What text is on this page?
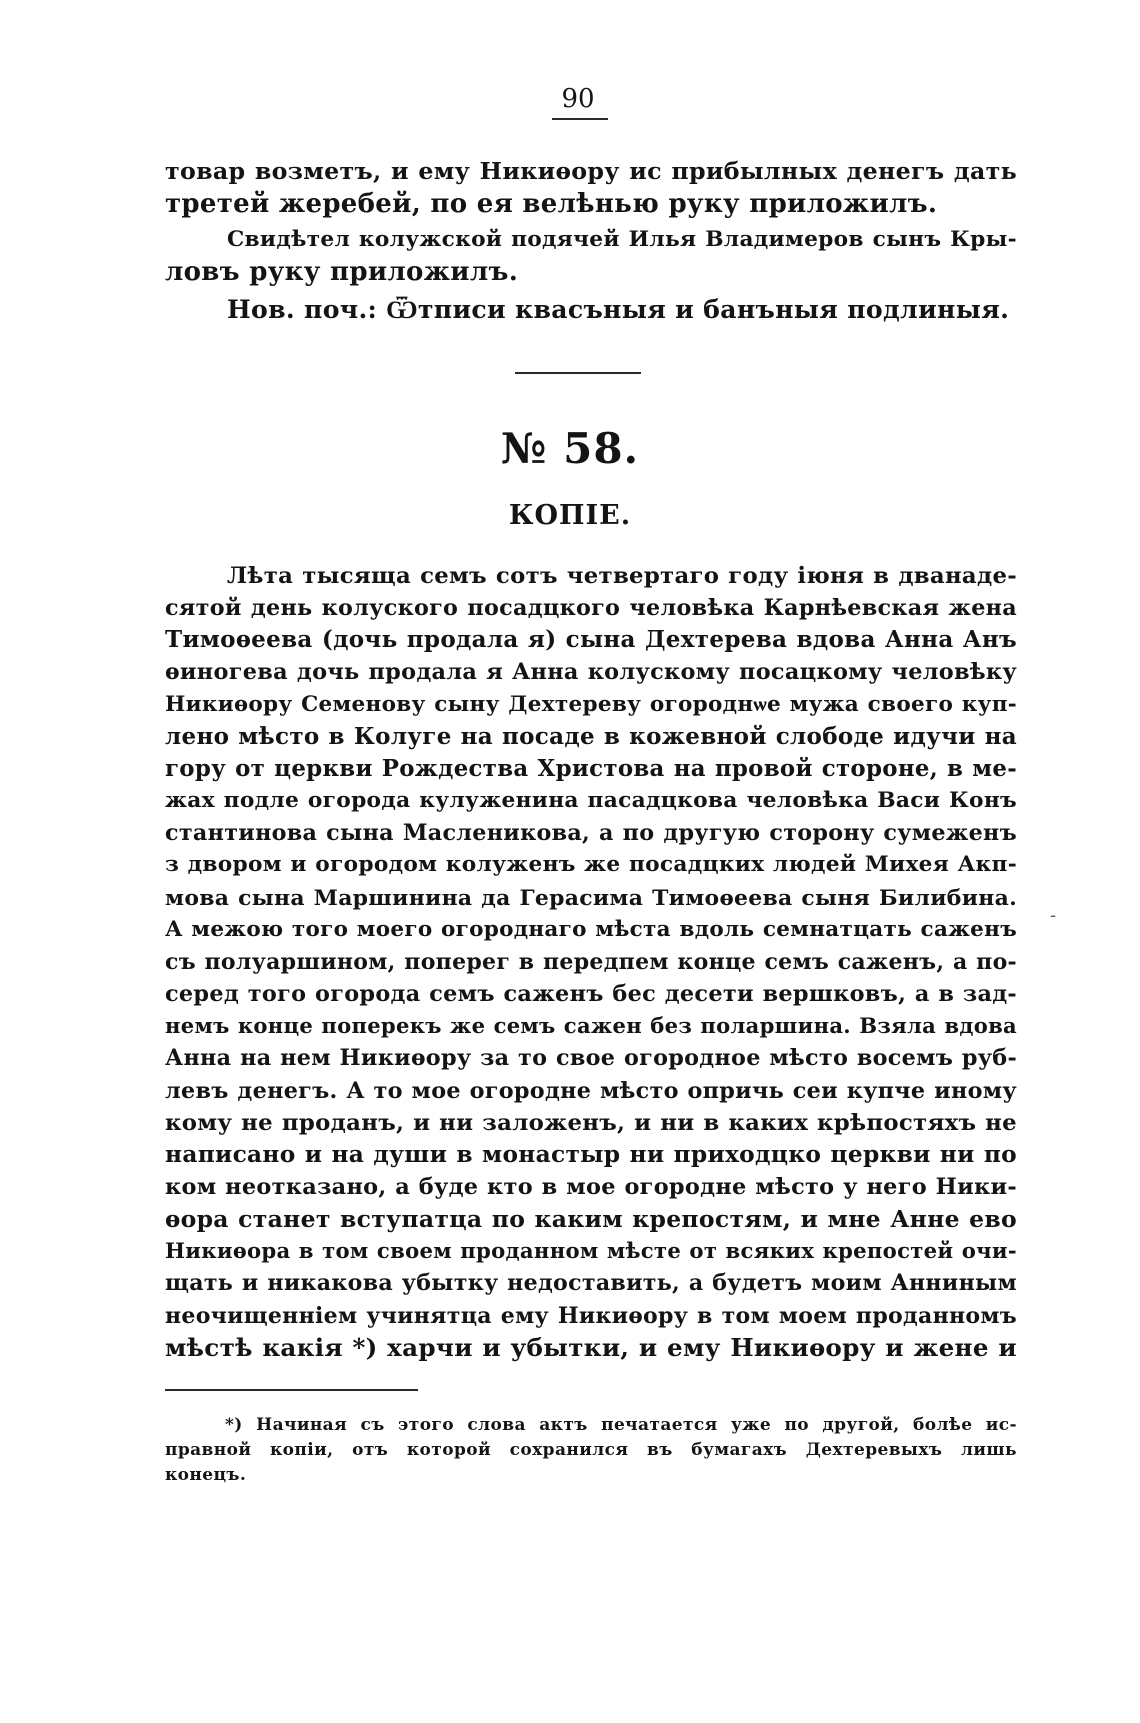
90
товар возметъ, и ему Никиѳору ис прибылных денегъ дать
третей жеребей, по ея велѣнью руку приложилъ.
Свидѣтел колужской подячей Илья Владимеров сынъ Кры-
ловъ руку приложилъ.
Нов. поч.: Ѿтписи квасъныя и банъныя подлиныя.
№ 58.
КОПІЕ.
Лѣта тысяща семъ сотъ четвертаго году іюня в дванаде-
сятой день колуского посадцкого человѣка Карнѣевская жена
Тимоѳеева (дочь продала я) сына Дехтерева вдова Анна Анъ
ѳиногева дочь продала я Анна колускому посацкому человѣку
Никиѳору Семенову сыну Дехтереву огороднѡе мужа своего куп-
лено мѣсто в Колуге на посаде в кожевной слободе идучи на
гору от церкви Рождества Христова на провой стороне, в ме-
жах подле огорода кулуженина пасадцкова человѣка Васи Конъ
стантинова сына Масленикова, а по другую сторону сумеженъ
з двором и огородом колуженъ же посадцких людей Михея Акп-
мова сына Маршинина да Герасима Тимоѳеева сыня Билибина.
А межою того моего огороднаго мѣста вдоль семнатцать саженъ
съ полуаршином, поперег в передпем конце семъ саженъ, а по-
серед того огорода семъ саженъ бес десети вершковъ, а в зад-
немъ конце поперекъ же семъ сажен без поларшина. Взяла вдова
Анна на нем Никиѳору за то свое огородное мѣсто восемъ руб-
левъ денегъ. А то мое огородне мѣсто опричь сеи купче иному
кому не проданъ, и ни заложенъ, и ни в каких крѣпостяхъ не
написано и на души в монастыр ни приходцко церкви ни по
ком неотказано, а буде кто в мое огородне мѣсто у него Ники-
ѳора станет вступатца по каким крепостям, и мне Анне ево
Никиѳора в том своем проданном мѣсте от всяких крепостей очи-
щать и никакова убытку недоставить, а будетъ моим Анниным
неочищеннiем учинятца ему Никиѳору в том моем проданномъ
мѣстѣ какія *) харчи и убытки, и ему Никиѳору и жене и
-
*) Начиная съ этого слова актъ печатается уже по другой, болѣе ис-
правной копіи, отъ которой сохранился въ бумагахъ Дехтеревыхъ лишь
конецъ.
